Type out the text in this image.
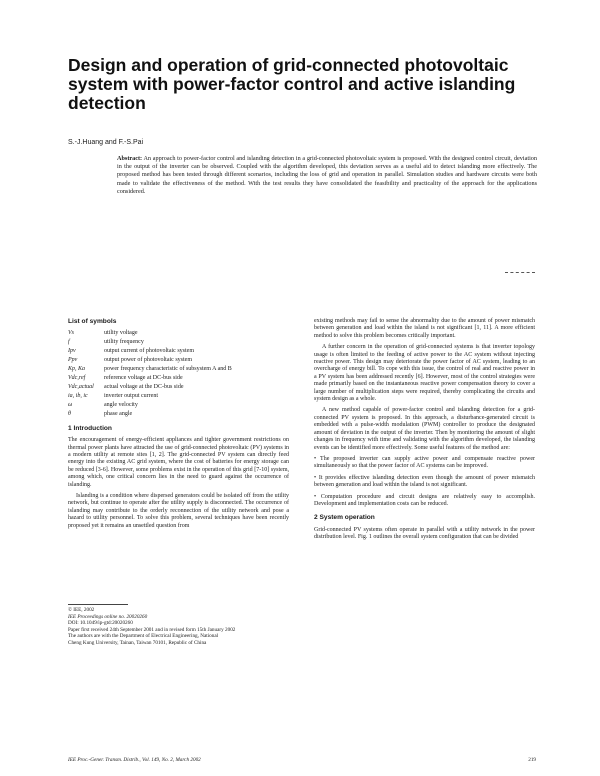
Design and operation of grid-connected photovoltaic system with power-factor control and active islanding detection
S.-J.Huang and F.-S.Pai

Abstract: An approach to power-factor control and islanding detection in a grid-connected photovoltaic system is proposed. With the designed control circuit, deviation in the output of the inverter can be observed. Coupled with the algorithm developed, this deviation serves as a useful aid to detect islanding more effectively. The proposed method has been tested through different scenarios, including the loss of grid and operation in parallel. Simulation studies and hardware circuits were both made to validate the effectiveness of the method. With the test results they have consolidated the feasibility and practicality of the approach for the applications considered.

List of symbols
Vs	utility voltage
f	utility frequency
Ipv	output current of photovoltaic system
Ppv	output power of photovoltaic system
Kp, Ka	power frequency characteristic of subsystem A and B
Vdc,ref	reference voltage at DC-bus side
Vdc,actual	actual voltage at the DC-bus side
ia, ib, ic	inverter output current
ω	angle velocity
θ	phase angle
1 Introduction

The encouragement of energy-efficient appliances and tighter government restrictions on thermal power plants have attracted the use of grid-connected photovoltaic (PV) systems in a modern utility at remote sites [1, 2]. The grid-connected PV system can directly feed energy into the existing AC grid system, where the cost of batteries for energy storage can be reduced [3-6]. However, some problems exist in the operation of this grid [7-10] system, among which, one critical concern lies in the need to guard against the occurrence of islanding.

Islanding is a condition where dispersed generators could be isolated off from the utility network, but continue to operate after the utility supply is disconnected. The occurrence of islanding may contribute to the orderly reconnection of the utility network and pose a hazard to utility personnel. To solve this problem, several techniques have been recently proposed yet it remains an unsettled question from

existing methods may fail to sense the abnormality due to the amount of power mismatch between generation and load within the island is not significant [1, 11]. A more efficient method to solve this problem becomes critically important.

A further concern in the operation of grid-connected systems is that inverter topology usage is often limited to the feeding of active power to the AC system without injecting reactive power. This design may deteriorate the power factor of AC system, leading to an overcharge of energy bill. To cope with this issue, the control of real and reactive power in a PV system has been addressed recently [6]. However, most of the control strategies were made primarily based on the instantaneous reactive power compensation theory to cover a large number of multiplication steps were required, thereby complicating the circuits and system design as a whole.

A new method capable of power-factor control and islanding detection for a grid-connected PV system is proposed. In this approach, a disturbance-generated circuit is embedded with a pulse-width modulation (PWM) controller to produce the designated amount of deviation in the output of the inverter. Then by monitoring the amount of slight changes in frequency with time and validating with the algorithm developed, the islanding events can be identified more effectively. Some useful features of the method are:

• The proposed inverter can supply active power and compensate reactive power simultaneously so that the power factor of AC systems can be improved.

• It provides effective islanding detection even though the amount of power mismatch between generation and load within the island is not significant.

• Computation procedure and circuit designs are relatively easy to accomplish. Development and implementation costs can be reduced.

2 System operation

Grid-connected PV systems often operate in parallel with a utility network in the power distribution level. Fig. 1 outlines the overall system configuration that can be divided

© IEE, 2002
IEE Proceedings online no. 20020260
DOI: 10.1049/ip-gtd:20020260
Paper first received 24th September 2001 and in revised form 15th January 2002
The authors are with the Department of Electrical Engineering, National
Cheng Kung University, Tainan, Taiwan 70101, Republic of China
IEE Proc.-Gener. Transm. Distrib., Vol. 149, No. 2, March 2002	219
